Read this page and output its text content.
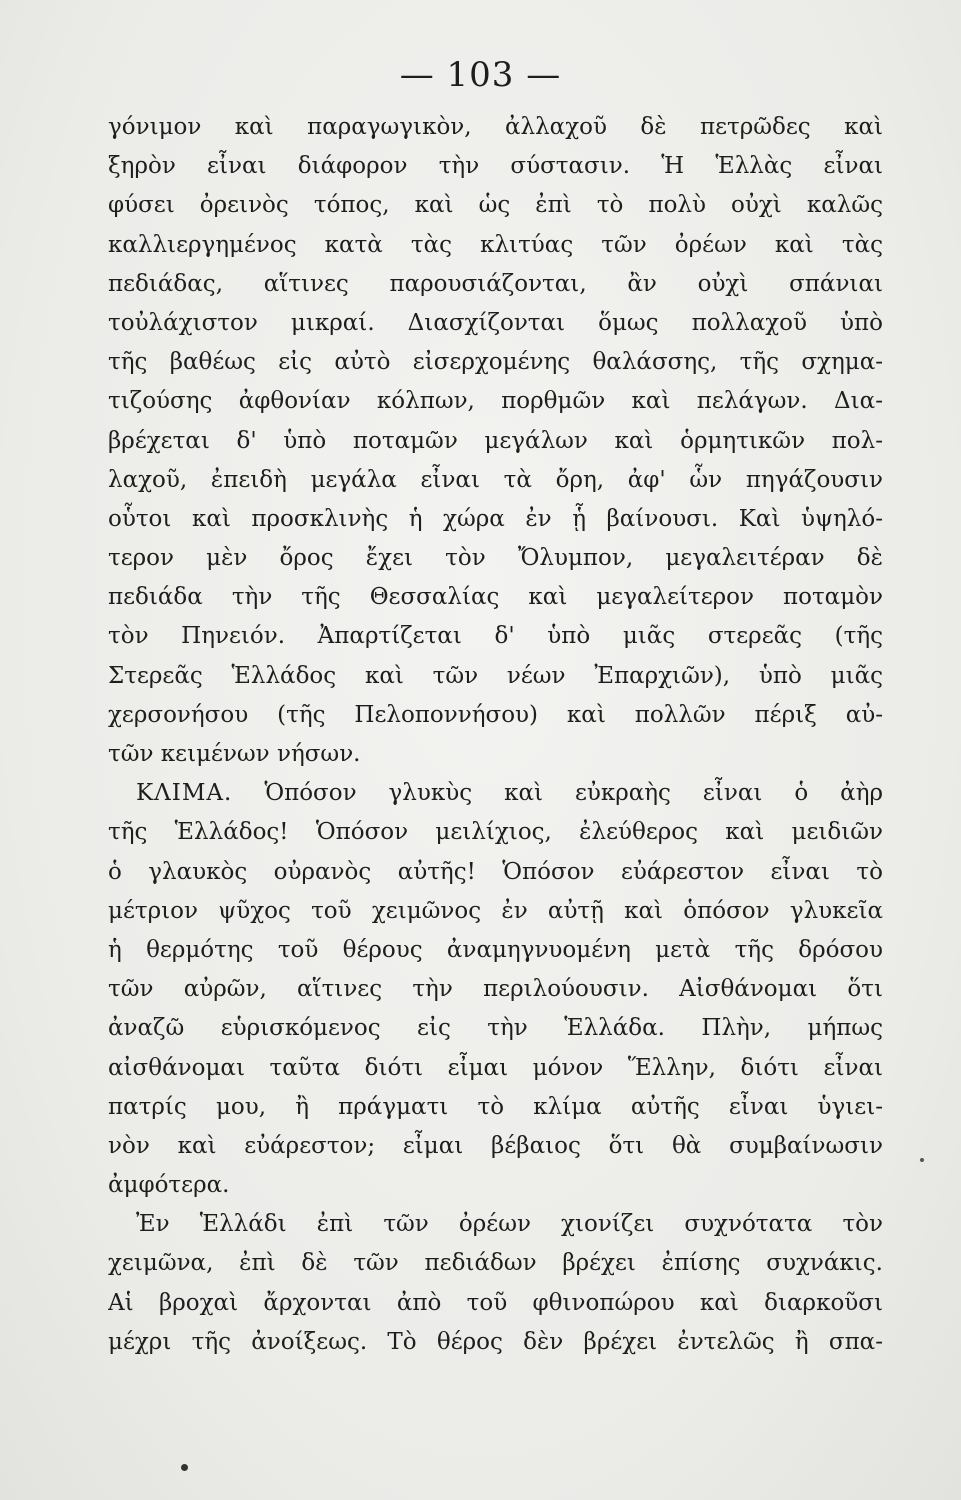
— 103 —
γόνιμον καὶ παραγωγικὸν, ἀλλαχοῦ δὲ πετρῶδες καὶ
ξηρὸν εἶναι διάφορον τὴν σύστασιν. Ἡ Ἑλλὰς εἶναι
φύσει ὀρεινὸς τόπος, καὶ ὡς ἐπὶ τὸ πολὺ οὐχὶ καλῶς
καλλιεργημένος κατὰ τὰς κλιτύας τῶν ὀρέων καὶ τὰς
πεδιάδας, αἵτινες παρουσιάζονται, ἂν οὐχὶ σπάνιαι
τοὐλάχιστον μικραί. Διασχίζονται ὅμως πολλαχοῦ ὑπὸ
τῆς βαθέως εἰς αὐτὸ εἰσερχομένης θαλάσσης, τῆς σχημα-
τιζούσης ἀφθονίαν κόλπων, πορθμῶν καὶ πελάγων. Δια-
βρέχεται δ' ὑπὸ ποταμῶν μεγάλων καὶ ὁρμητικῶν πολ-
λαχοῦ, ἐπειδὴ μεγάλα εἶναι τὰ ὄρη, ἀφ' ὧν πηγάζουσιν
οὗτοι καὶ προσκλινὴς ἡ χώρα ἐν ᾗ βαίνουσι. Καὶ ὑψηλό-
τερον μὲν ὄρος ἔχει τὸν Ὄλυμπον, μεγαλειτέραν δὲ
πεδιάδα τὴν τῆς Θεσσαλίας καὶ μεγαλείτερον ποταμὸν
τὸν Πηνειόν. Ἀπαρτίζεται δ' ὑπὸ μιᾶς στερεᾶς (τῆς
Στερεᾶς Ἑλλάδος καὶ τῶν νέων Ἐπαρχιῶν), ὑπὸ μιᾶς
χερσονήσου (τῆς Πελοποννήσου) καὶ πολλῶν πέριξ αὐ-
τῶν κειμένων νήσων.
ΚΛΙΜΑ. Ὁπόσον γλυκὺς καὶ εὐκραὴς εἶναι ὁ ἀὴρ
τῆς Ἑλλάδος! Ὁπόσον μειλίχιος, ἐλεύθερος καὶ μειδιῶν
ὁ γλαυκὸς οὐρανὸς αὐτῆς! Ὁπόσον εὐάρεστον εἶναι τὸ
μέτριον ψῦχος τοῦ χειμῶνος ἐν αὐτῇ καὶ ὁπόσον γλυκεῖα
ἡ θερμότης τοῦ θέρους ἀναμηγνυομένη μετὰ τῆς δρόσου
τῶν αὐρῶν, αἵτινες τὴν περιλούουσιν. Αἰσθάνομαι ὅτι
ἀναζῶ εὑρισκόμενος εἰς τὴν Ἑλλάδα. Πλὴν, μήπως
αἰσθάνομαι ταῦτα διότι εἶμαι μόνον Ἕλλην, διότι εἶναι
πατρίς μου, ἢ πράγματι τὸ κλίμα αὐτῆς εἶναι ὑγιει-
νὸν καὶ εὐάρεστον; εἶμαι βέβαιος ὅτι θὰ συμβαίνωσιν
ἀμφότερα.
Ἐν Ἑλλάδι ἐπὶ τῶν ὀρέων χιονίζει συχνότατα τὸν
χειμῶνα, ἐπὶ δὲ τῶν πεδιάδων βρέχει ἐπίσης συχνάκις.
Αἱ βροχαὶ ἄρχονται ἀπὸ τοῦ φθινοπώρου καὶ διαρκοῦσι
μέχρι τῆς ἀνοίξεως. Τὸ θέρος δὲν βρέχει ἐντελῶς ἢ σπα-
